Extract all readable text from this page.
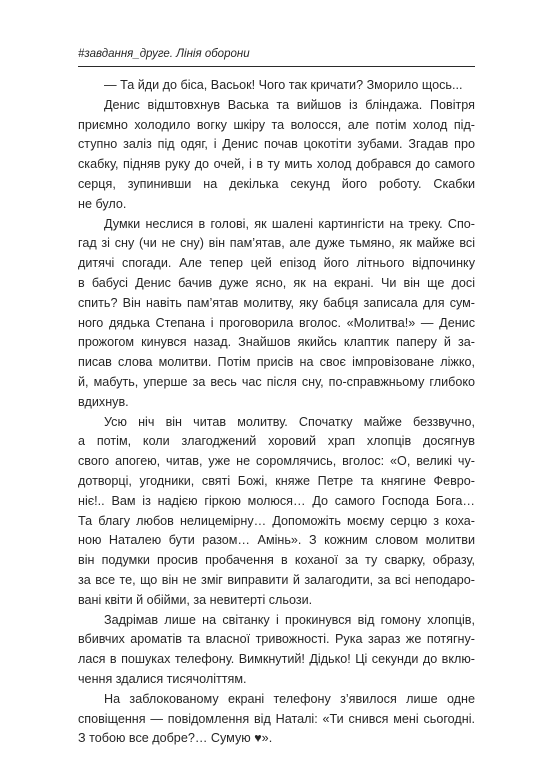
#завдання_друге. Лінія оборони
— Та йди до біса, Васьок! Чого так кричати? Зморило щось...
Денис відштовхнув Васька та вийшов із бліндажа. Повітря
приємно холодило вогку шкіру та волосся, але потім холод під-
ступно заліз під одяг, і Денис почав цокотіти зубами. Згадав про
скабку, підняв руку до очей, і в ту мить холод добрався до самого
серця, зупинивши на декілька секунд його роботу. Скабки
не було.
Думки неслися в голові, як шалені картингісти на треку. Спо-
гад зі сну (чи не сну) він пам’ятав, але дуже тьмяно, як майже всі
дитячі спогади. Але тепер цей епізод його літнього відпочинку
в бабусі Денис бачив дуже ясно, як на екрані. Чи він ще досі
спить? Він навіть пам’ятав молитву, яку бабця записала для сум-
ного дядька Степана і проговорила вголос. «Молитва!» — Денис
прожогом кинувся назад. Знайшов якийсь клаптик паперу й за-
писав слова молитви. Потім присів на своє імпровізоване ліжко,
й, мабуть, уперше за весь час після сну, по-справжньому глибоко
вдихнув.
Усю ніч він читав молитву. Спочатку майже беззвучно,
а потім, коли злагоджений хоровий храп хлопців досягнув
свого апогею, читав, уже не соромлячись, вголос: «О, великі чу-
дотворці, угодники, святі Божі, княже Петре та княгине Февро-
ніє!.. Вам із надією гіркою молюся… До самого Господа Бога…
Та благу любов нелицемірну… Допоможіть моєму серцю з коха-
ною Наталею бути разом… Амінь». З кожним словом молитви
він подумки просив пробачення в коханої за ту сварку, образу,
за все те, що він не зміг виправити й залагодити, за всі неподаро-
вані квіти й обійми, за невитерті сльози.
Задрімав лише на світанку і прокинувся від гомону хлопців,
вбивчих ароматів та власної тривожності. Рука зараз же потягну-
лася в пошуках телефону. Вимкнутий! Дідько! Ці секунди до вклю-
чення здалися тисячоліттям.
На заблокованому екрані телефону з’явилося лише одне
сповіщення — повідомлення від Наталі: «Ти снився мені сьогодні.
З тобою все добре?… Сумую ♥».
